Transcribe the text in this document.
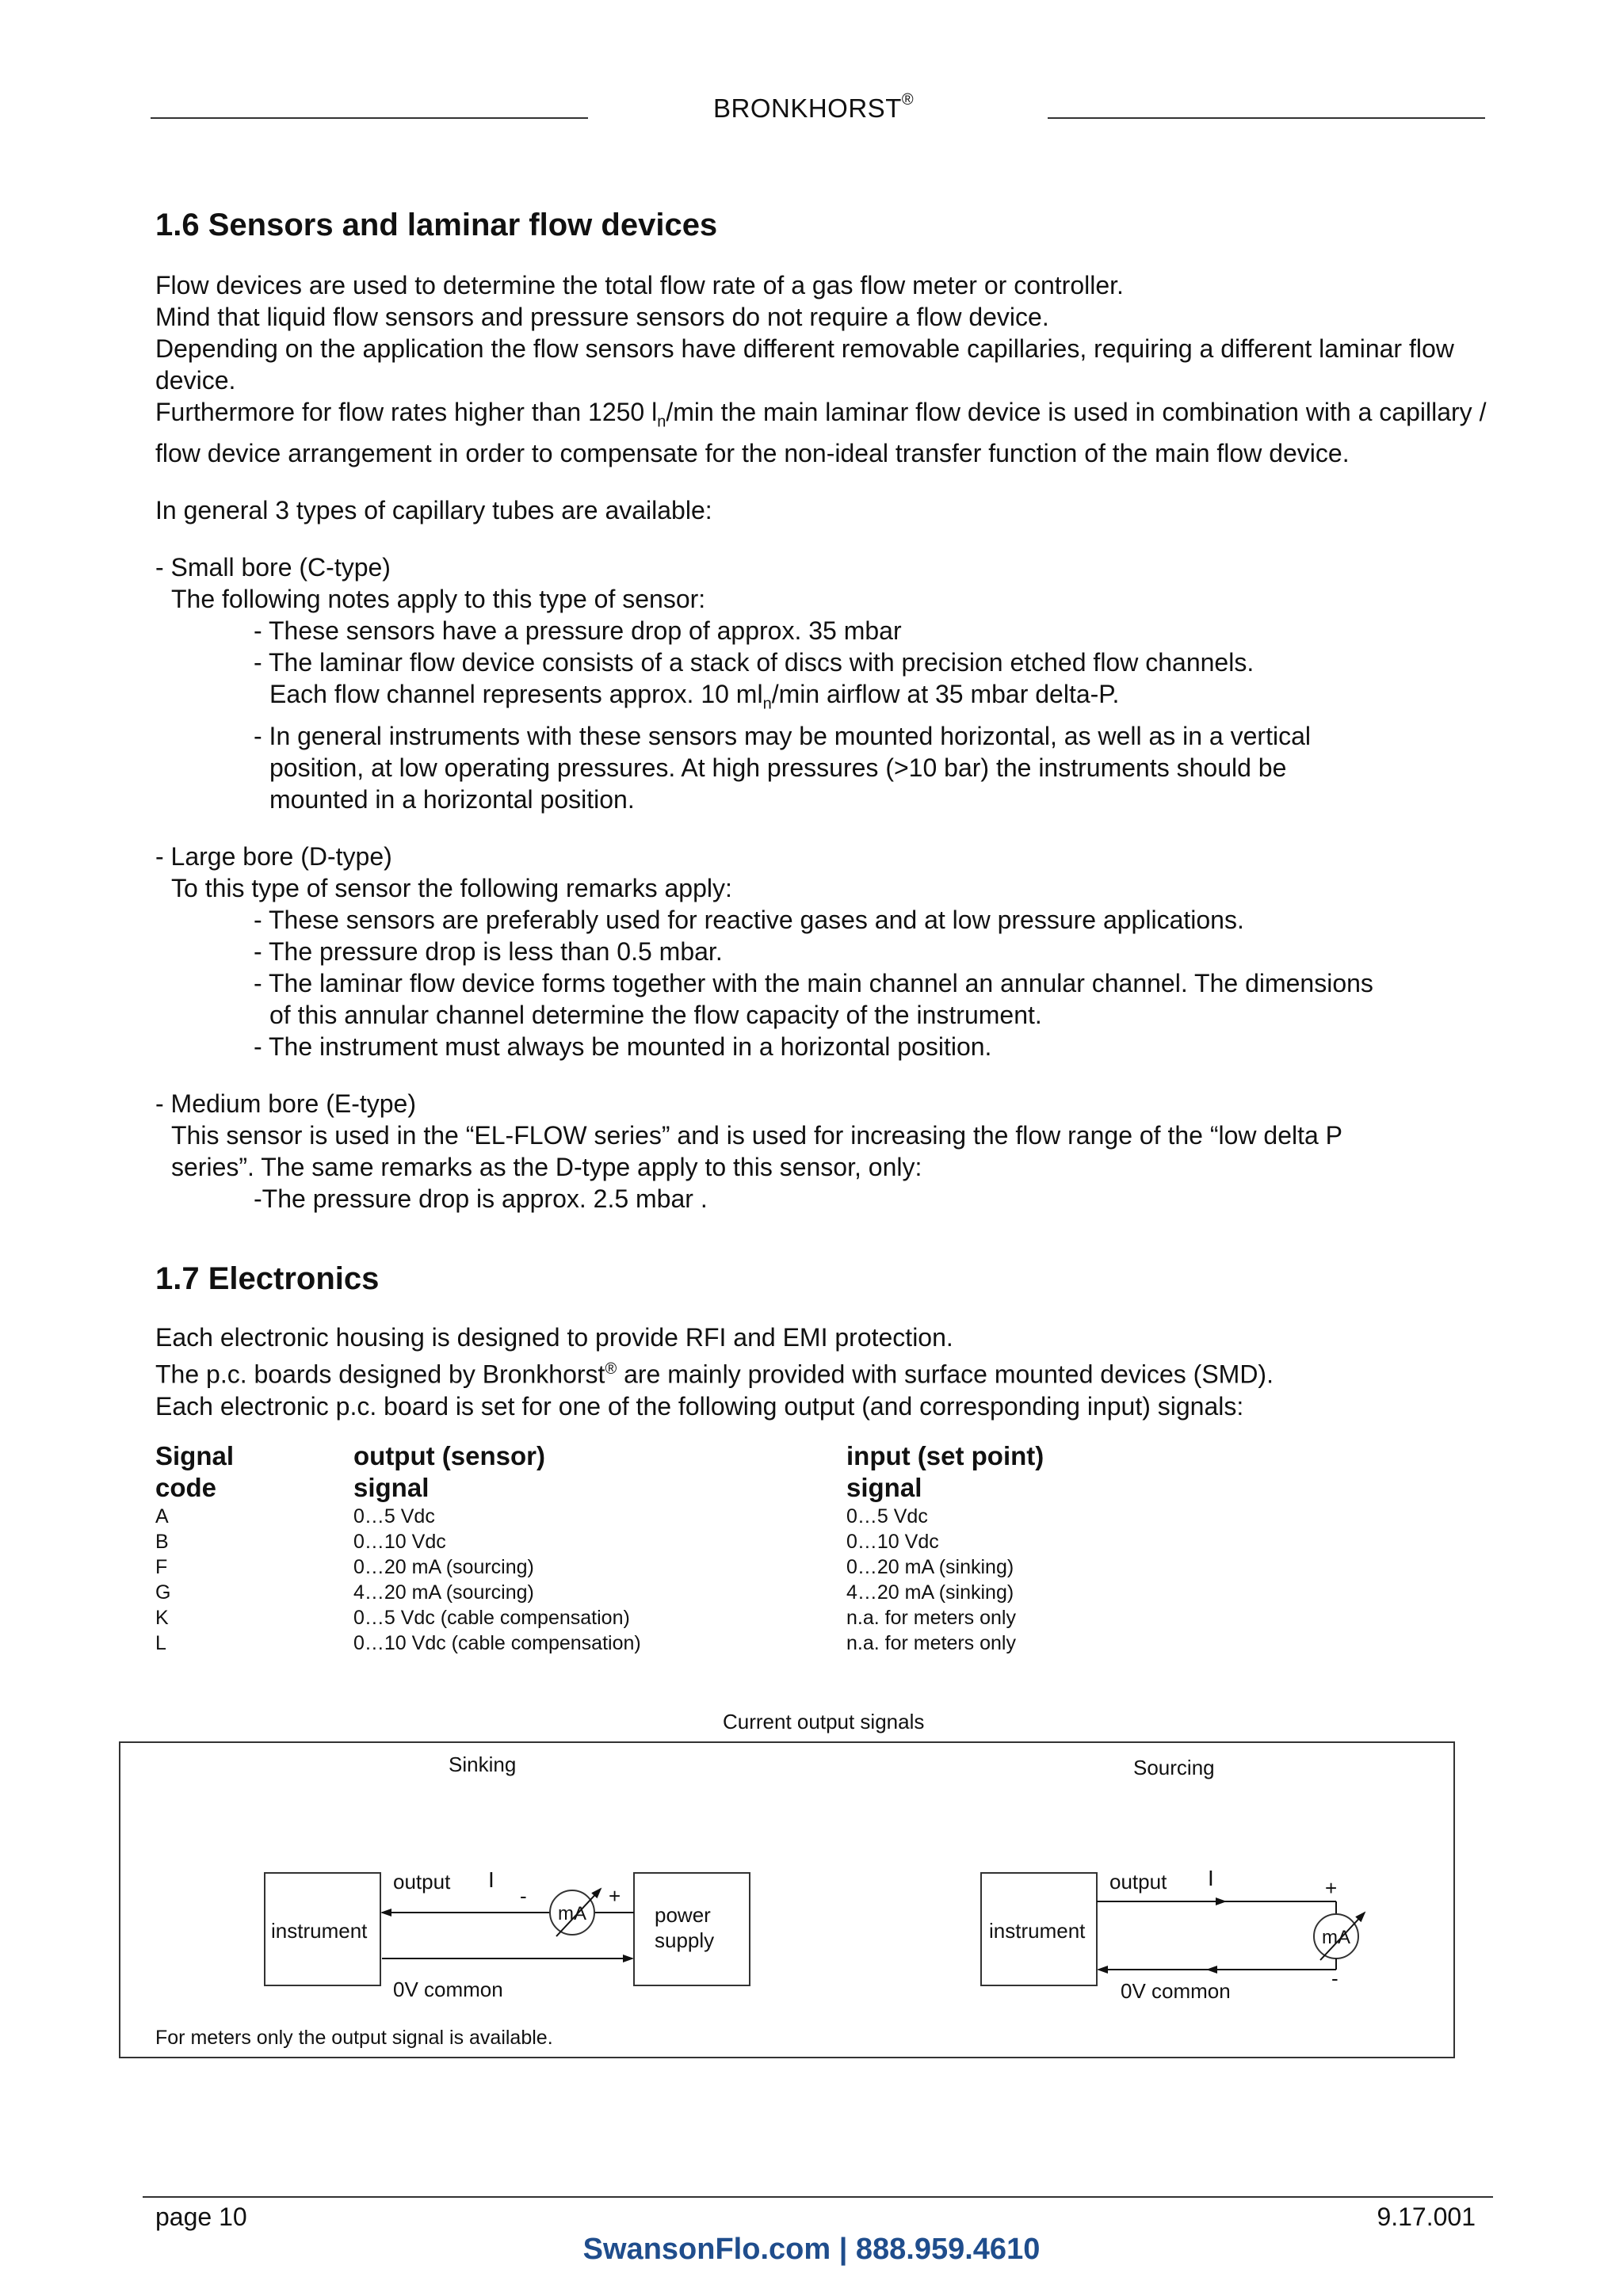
BRONKHORST®
1.6 Sensors and laminar flow devices

Flow devices are used to determine the total flow rate of a gas flow meter or controller.

Mind that liquid flow sensors and pressure sensors do not require a flow device.

Depending on the application the flow sensors have different removable capillaries, requiring a different laminar flow device.

Furthermore for flow rates higher than 1250 $l_n/\min$ the main laminar flow device is used in combination with a capillary / flow device arrangement in order to compensate for the non-ideal transfer function of the main flow device.

In general 3 types of capillary tubes are available:

- Small bore (C-type)

The following notes apply to this type of sensor:

- These sensors have a pressure drop of approx. 35 mbar

- The laminar flow device consists of a stack of discs with precision etched flow channels.

Each flow channel represents approx. 10 $ml_n/\min$ airflow at 35 mbar delta-P.

- In general instruments with these sensors may be mounted horizontal, as well as in a vertical

position, at low operating pressures. At high pressures (>10 bar) the instruments should be

mounted in a horizontal position.

- Large bore (D-type)

To this type of sensor the following remarks apply:

- These sensors are preferably used for reactive gases and at low pressure applications.

- The pressure drop is less than 0.5 mbar.

- The laminar flow device forms together with the main channel an annular channel. The dimensions

of this annular channel determine the flow capacity of the instrument.

- The instrument must always be mounted in a horizontal position.

- Medium bore (E-type)

This sensor is used in the “EL-FLOW series” and is used for increasing the flow range of the “low delta P

series”. The same remarks as the D-type apply to this sensor, only:

-The pressure drop is approx. 2.5 mbar .

1.7 Electronics

Each electronic housing is designed to provide RFI and EMI protection.

The p.c. boards designed by Bronkhorst® are mainly provided with surface mounted devices (SMD).

Each electronic p.c. board is set for one of the following output (and corresponding input) signals:

Signal	output (sensor)	input (set point)
code	signal	signal
A	0…5 Vdc	0…5 Vdc
B	0…10 Vdc	0…10 Vdc
F	0…20 mA (sourcing)	0…20 mA (sinking)
G	4…20 mA (sourcing)	4…20 mA (sinking)
K	0…5 Vdc (cable compensation)	n.a. for meters only
L	0…10 Vdc (cable compensation)	n.a. for meters only
Current output signals
Sinking
instrument
power
supply
output I
-	+
mA
0V common
Sourcing
instrument
output I	+
-
mA
0V common
For meters only the output signal is available.
page 10	9.17.001
SwansonFlo.com | 888.959.4610
